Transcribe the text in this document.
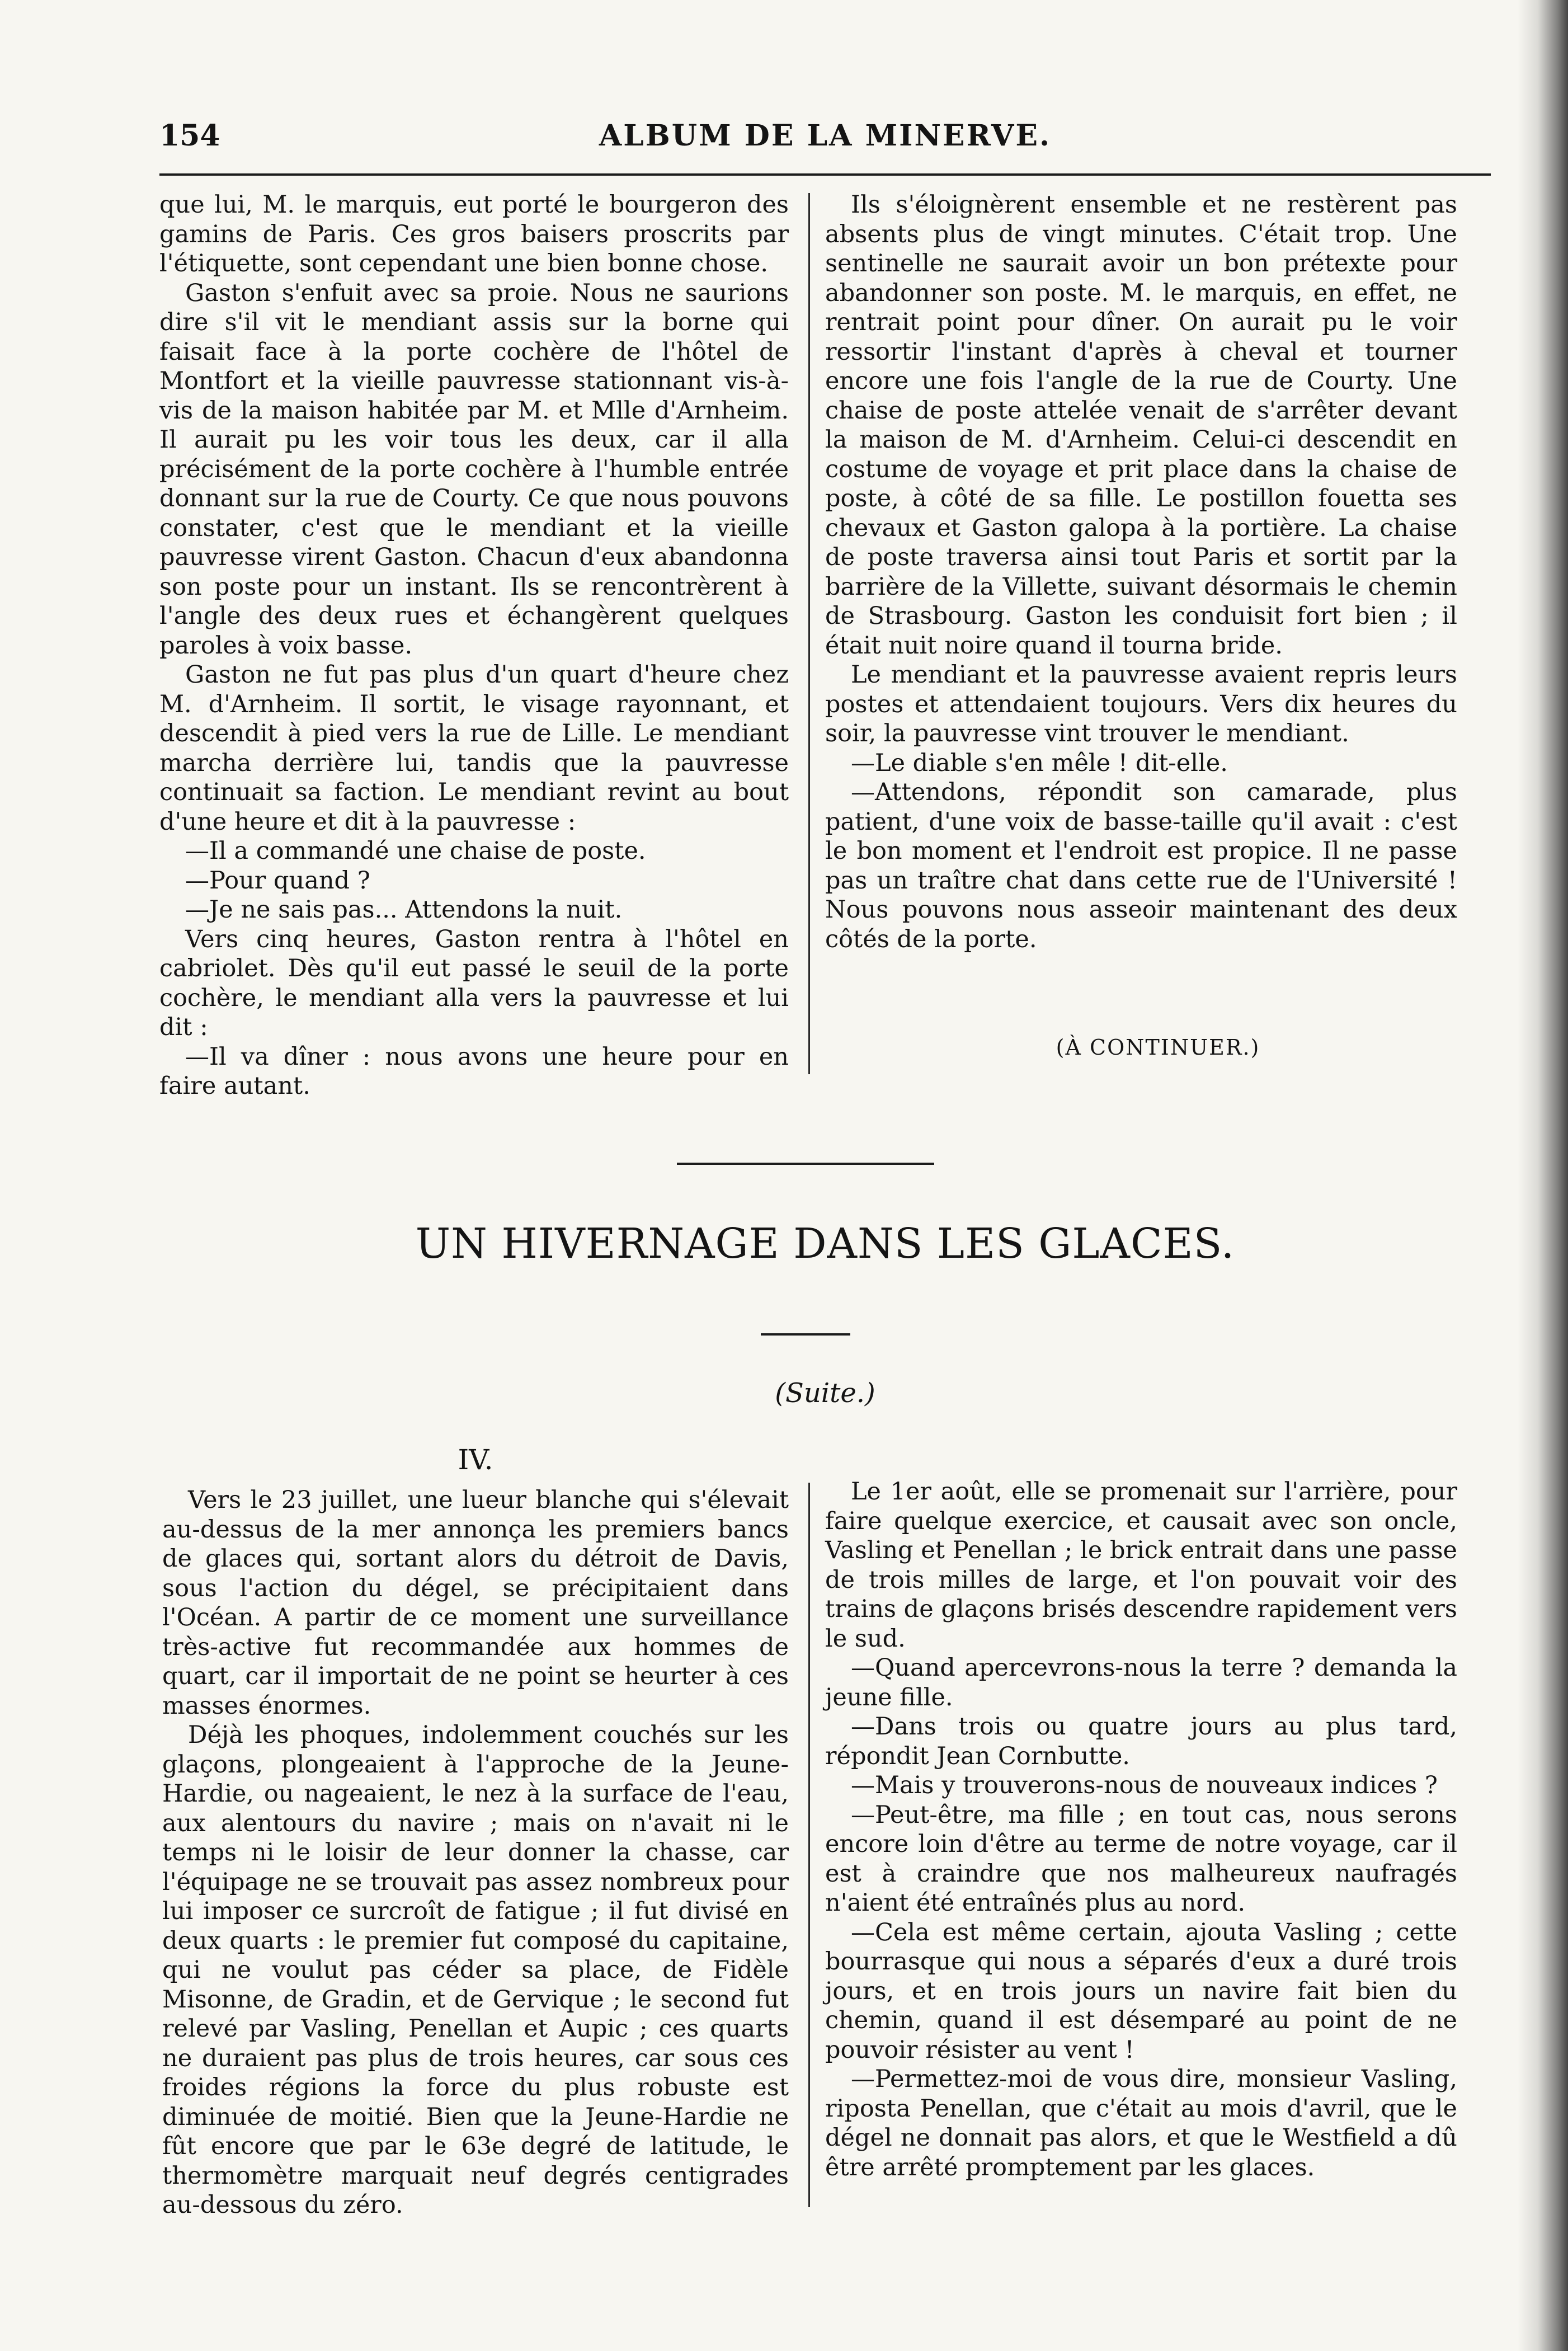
ALBUM DE LA MINERVE.
154

que lui, M. le marquis, eut porté le bourgeron des gamins de Paris. Ces gros baisers proscrits par l'étiquette, sont cependant une bien bonne chose.

Gaston s'enfuit avec sa proie. Nous ne saurions dire s'il vit le mendiant assis sur la borne qui faisait face à la porte cochère de l'hôtel de Montfort et la vieille pauvresse stationnant vis-à-vis de la maison habitée par M. et Mlle d'Arnheim. Il aurait pu les voir tous les deux, car il alla précisément de la porte cochère à l'humble entrée donnant sur la rue de Courty. Ce que nous pouvons constater, c'est que le mendiant et la vieille pauvresse virent Gaston. Chacun d'eux abandonna son poste pour un instant. Ils se rencontrèrent à l'angle des deux rues et échangèrent quelques paroles à voix basse.

Gaston ne fut pas plus d'un quart d'heure chez M. d'Arnheim. Il sortit, le visage rayonnant, et descendit à pied vers la rue de Lille. Le mendiant marcha derrière lui, tandis que la pauvresse continuait sa faction. Le mendiant revint au bout d'une heure et dit à la pauvresse :

—Il a commandé une chaise de poste.

—Pour quand ?

—Je ne sais pas... Attendons la nuit.

Vers cinq heures, Gaston rentra à l'hôtel en cabriolet. Dès qu'il eut passé le seuil de la porte cochère, le mendiant alla vers la pauvresse et lui dit :

—Il va dîner : nous avons une heure pour en faire autant.

Ils s'éloignèrent ensemble et ne restèrent pas absents plus de vingt minutes. C'était trop. Une sentinelle ne saurait avoir un bon prétexte pour abandonner son poste. M. le marquis, en effet, ne rentrait point pour dîner. On aurait pu le voir ressortir l'instant d'après à cheval et tourner encore une fois l'angle de la rue de Courty. Une chaise de poste attelée venait de s'arrêter devant la maison de M. d'Arnheim. Celui-ci descendit en costume de voyage et prit place dans la chaise de poste, à côté de sa fille. Le postillon fouetta ses chevaux et Gaston galopa à la portière. La chaise de poste traversa ainsi tout Paris et sortit par la barrière de la Villette, suivant désormais le chemin de Strasbourg. Gaston les conduisit fort bien ; il était nuit noire quand il tourna bride.

Le mendiant et la pauvresse avaient repris leurs postes et attendaient toujours. Vers dix heures du soir, la pauvresse vint trouver le mendiant.

—Le diable s'en mêle ! dit-elle.

—Attendons, répondit son camarade, plus patient, d'une voix de basse-taille qu'il avait : c'est le bon moment et l'endroit est propice. Il ne passe pas un traître chat dans cette rue de l'Université ! Nous pouvons nous asseoir maintenant des deux côtés de la porte.

(À CONTINUER.)
UN HIVERNAGE DANS LES GLACES.
(Suite.)
IV.

Vers le 23 juillet, une lueur blanche qui s'élevait au-dessus de la mer annonça les premiers bancs de glaces qui, sortant alors du détroit de Davis, sous l'action du dégel, se précipitaient dans l'Océan. A partir de ce moment une surveillance très-active fut recommandée aux hommes de quart, car il importait de ne point se heurter à ces masses énormes.

Déjà les phoques, indolemment couchés sur les glaçons, plongeaient à l'approche de la Jeune-Hardie, ou nageaient, le nez à la surface de l'eau, aux alentours du navire ; mais on n'avait ni le temps ni le loisir de leur donner la chasse, car l'équipage ne se trouvait pas assez nombreux pour lui imposer ce surcroît de fatigue ; il fut divisé en deux quarts : le premier fut composé du capitaine, qui ne voulut pas céder sa place, de Fidèle Misonne, de Gradin, et de Gervique ; le second fut relevé par Vasling, Penellan et Aupic ; ces quarts ne duraient pas plus de trois heures, car sous ces froides régions la force du plus robuste est diminuée de moitié. Bien que la Jeune-Hardie ne fût encore que par le 63e degré de latitude, le thermomètre marquait neuf degrés centigrades au-dessous du zéro.

Le 1er août, elle se promenait sur l'arrière, pour faire quelque exercice, et causait avec son oncle, Vasling et Penellan ; le brick entrait dans une passe de trois milles de large, et l'on pouvait voir des trains de glaçons brisés descendre rapidement vers le sud.

—Quand apercevrons-nous la terre ? demanda la jeune fille.

—Dans trois ou quatre jours au plus tard, répondit Jean Cornbutte.

—Mais y trouverons-nous de nouveaux indices ?

—Peut-être, ma fille ; en tout cas, nous serons encore loin d'être au terme de notre voyage, car il est à craindre que nos malheureux naufragés n'aient été entraînés plus au nord.

—Cela est même certain, ajouta Vasling ; cette bourrasque qui nous a séparés d'eux a duré trois jours, et en trois jours un navire fait bien du chemin, quand il est désemparé au point de ne pouvoir résister au vent !

—Permettez-moi de vous dire, monsieur Vasling, riposta Penellan, que c'était au mois d'avril, que le dégel ne donnait pas alors, et que le Westfield a dû être arrêté promptement par les glaces.
